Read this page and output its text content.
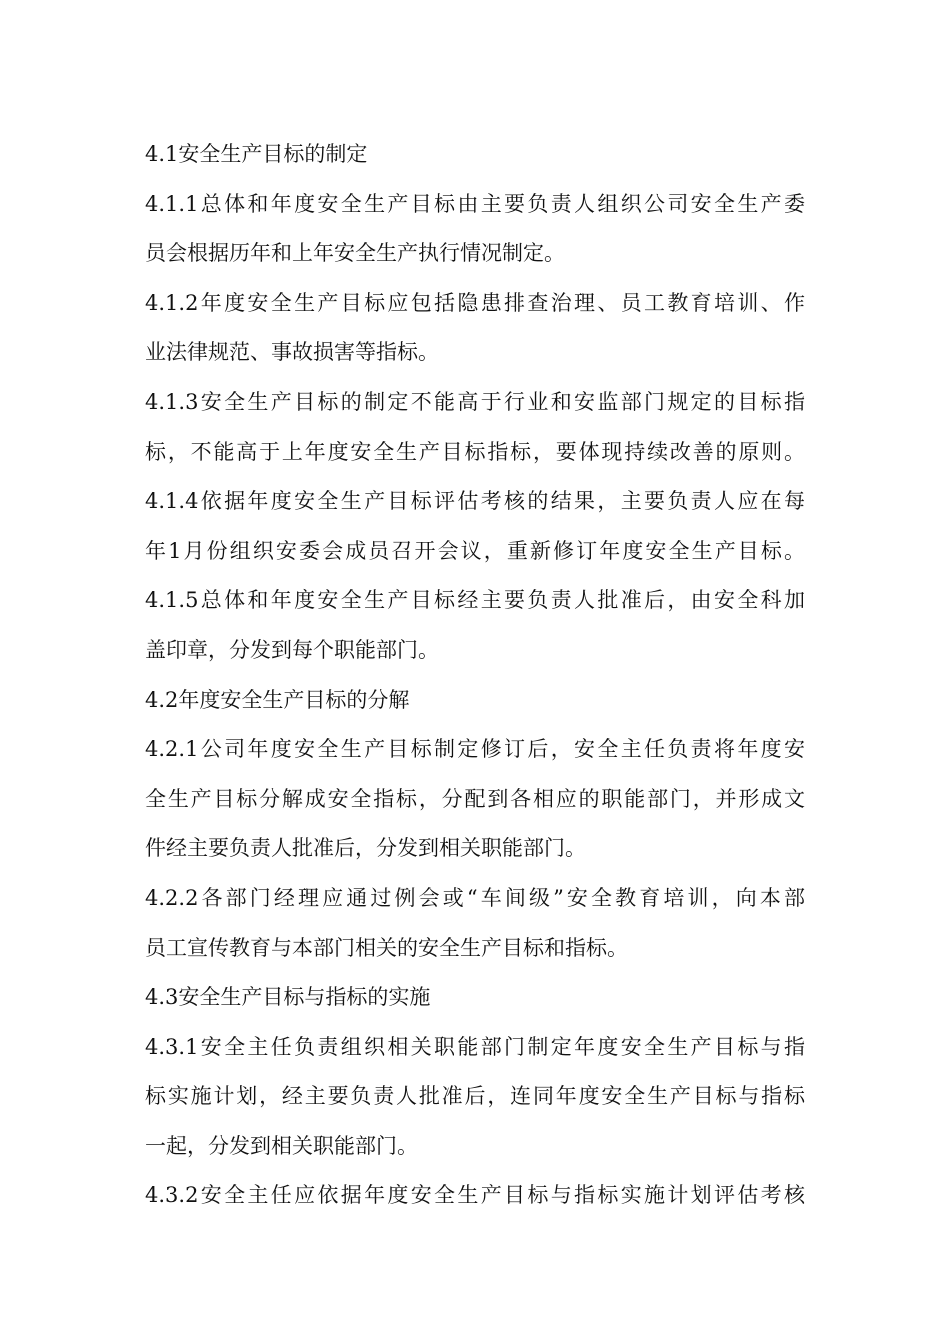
4.1安全生产目标的制定
4.1.1总体和年度安全生产目标由主要负责人组织公司安全生产委
员会根据历年和上年安全生产执行情况制定。
4.1.2年度安全生产目标应包括隐患排查治理、员工教育培训、作
业法律规范、事故损害等指标。
4.1.3安全生产目标的制定不能高于行业和安监部门规定的目标指
标，不能高于上年度安全生产目标指标，要体现持续改善的原则。
4.1.4依据年度安全生产目标评估考核的结果，主要负责人应在每
年1月份组织安委会成员召开会议，重新修订年度安全生产目标。
4.1.5总体和年度安全生产目标经主要负责人批准后，由安全科加
盖印章，分发到每个职能部门。
4.2年度安全生产目标的分解
4.2.1公司年度安全生产目标制定修订后，安全主任负责将年度安
全生产目标分解成安全指标，分配到各相应的职能部门，并形成文
件经主要负责人批准后，分发到相关职能部门。
4.2.2各部门经理应通过例会或“车间级”安全教育培训，向本部
员工宣传教育与本部门相关的安全生产目标和指标。
4.3安全生产目标与指标的实施
4.3.1安全主任负责组织相关职能部门制定年度安全生产目标与指
标实施计划，经主要负责人批准后，连同年度安全生产目标与指标
一起，分发到相关职能部门。
4.3.2安全主任应依据年度安全生产目标与指标实施计划评估考核
